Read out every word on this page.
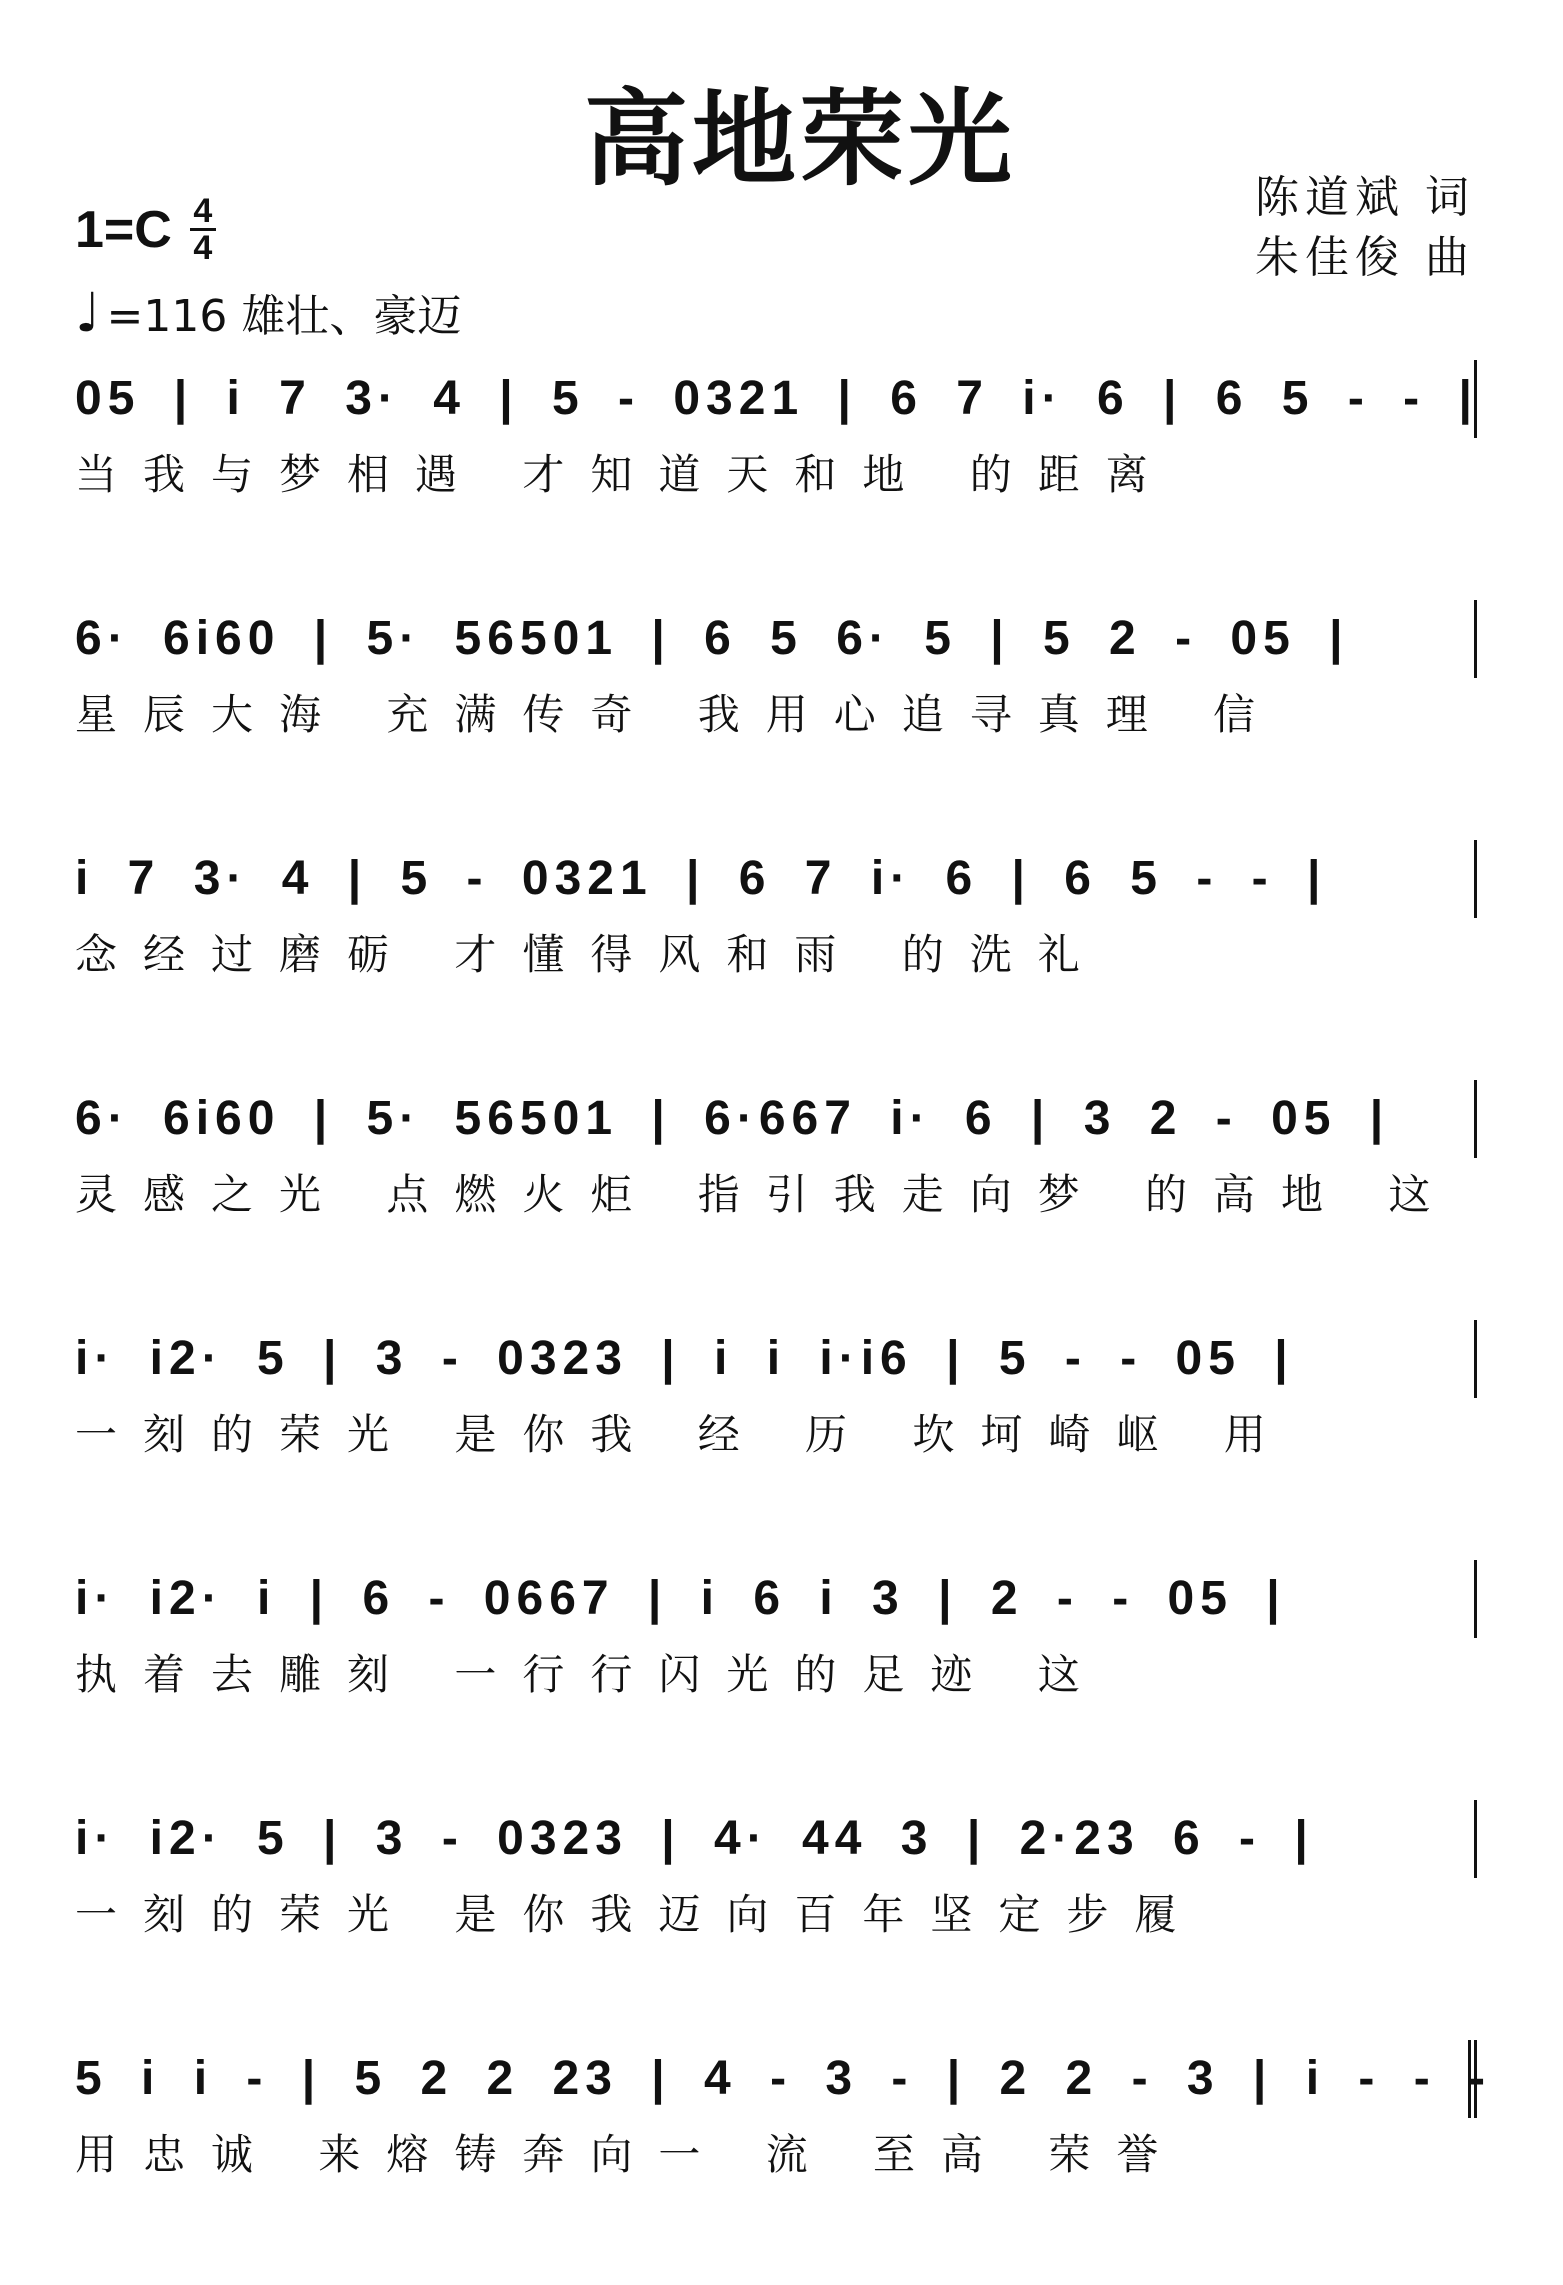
高地荣光
1=C 4
4
♩ =116 雄壮、豪迈
陈道斌 词
朱佳俊 曲
05 | i 7 3· 4 | 5 - 0321 | 6 7 i· 6 | 6 5 - - |
当我与梦相遇 才知道天和地 的距离
6· 6i60 | 5· 56501 | 6 5 6· 5 | 5 2 - 05 |
星辰大海 充满传奇 我用心追寻真理 信
i 7 3· 4 | 5 - 0321 | 6 7 i· 6 | 6 5 - - |
念经过磨砺 才懂得风和雨 的洗礼
6· 6i60 | 5· 56501 | 6·667 i· 6 | 3 2 - 05 |
灵感之光 点燃火炬 指引我走向梦 的高地 这
i· i2· 5 | 3 - 0323 | i i i·i6 | 5 - - 05 |
一刻的荣光 是你我 经 历 坎坷崎岖 用
i· i2· i | 6 - 0667 | i 6 i 3 | 2 - - 05 |
执着去雕刻 一行行闪光的足迹 这
i· i2· 5 | 3 - 0323 | 4· 44 3 | 2·23 6 - |
一刻的荣光 是你我迈向百年坚定步履
5 i i - | 5 2 2 23 | 4 - 3 - | 2 2 - 3 | i - - -
用忠诚 来熔铸奔向一 流 至高 荣誉
